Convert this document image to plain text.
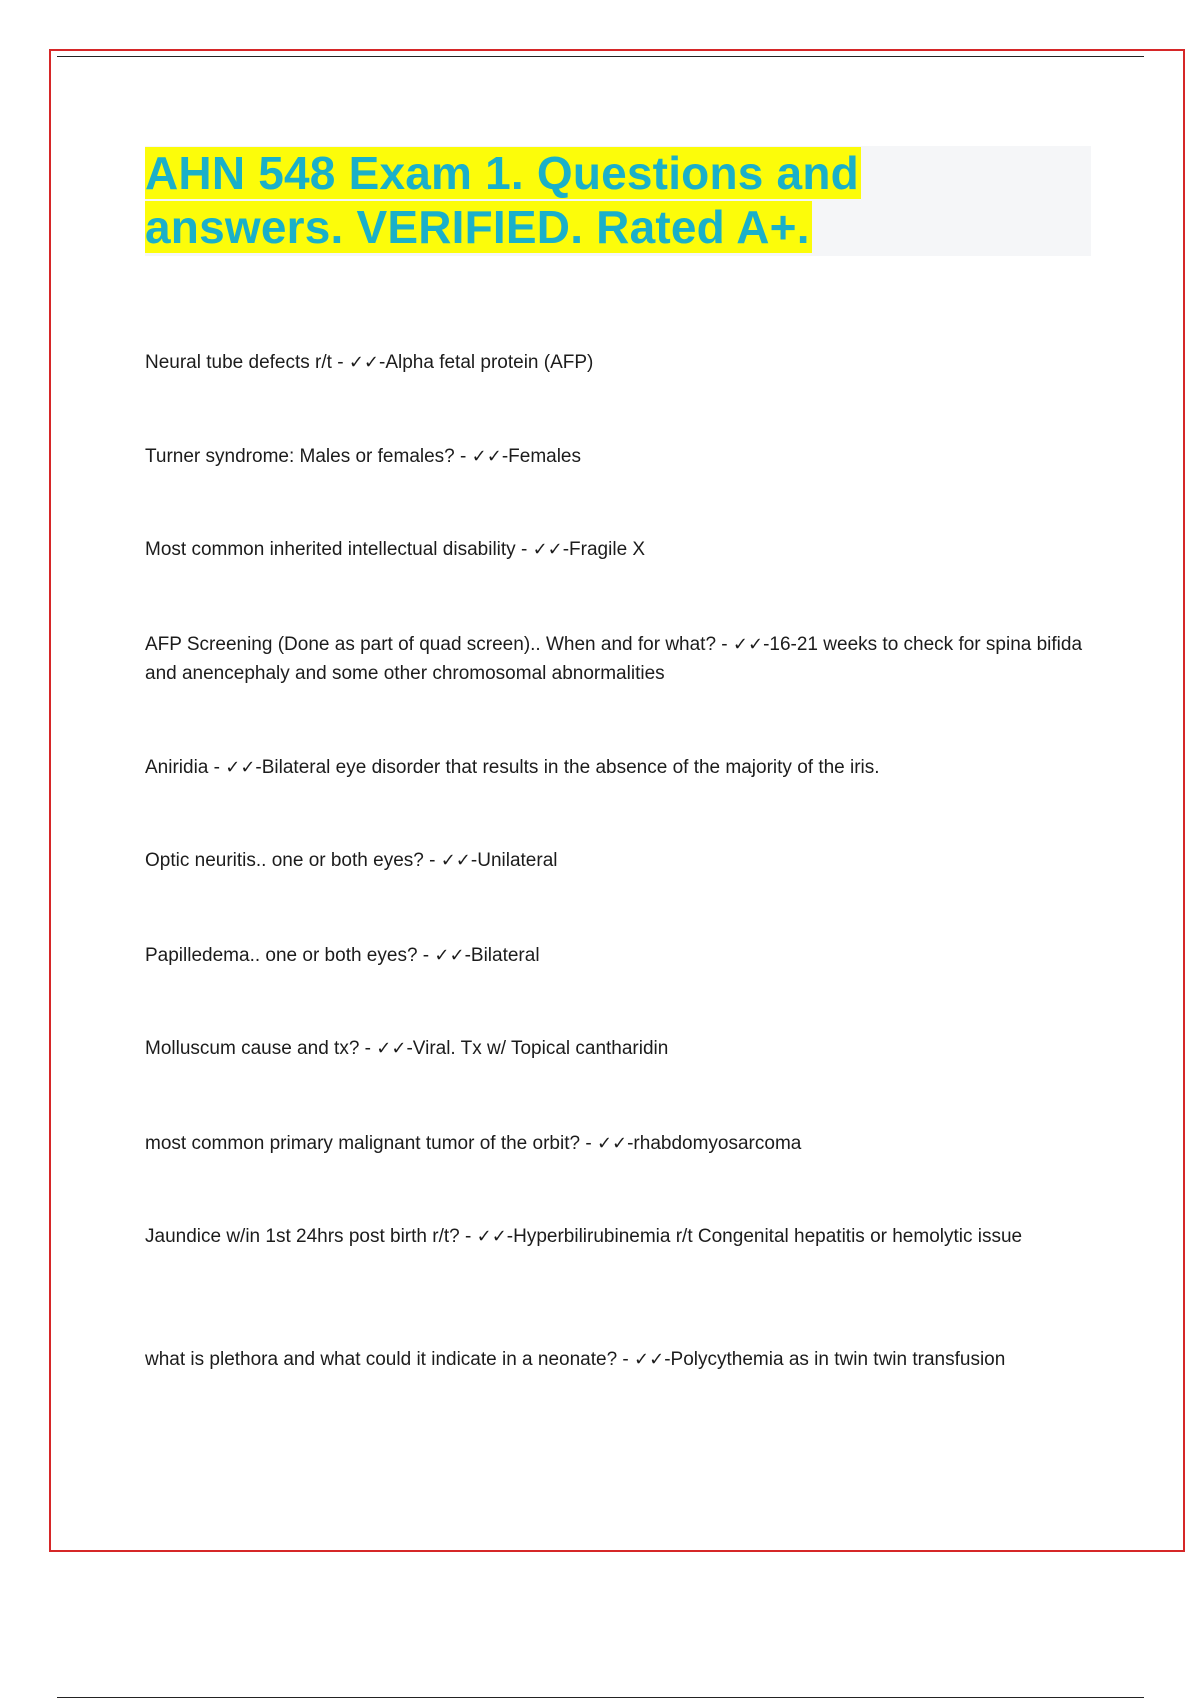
AHN 548 Exam 1. Questions and
answers. VERIFIED. Rated A+.
Neural tube defects r/t - ✓✓-Alpha fetal protein (AFP)
Turner syndrome: Males or females? - ✓✓-Females
Most common inherited intellectual disability - ✓✓-Fragile X
AFP Screening (Done as part of quad screen).. When and for what? - ✓✓-16-21 weeks to check for spina bifida and anencephaly and some other chromosomal abnormalities
Aniridia - ✓✓-Bilateral eye disorder that results in the absence of the majority of the iris.
Optic neuritis.. one or both eyes? - ✓✓-Unilateral
Papilledema.. one or both eyes? - ✓✓-Bilateral
Molluscum cause and tx? - ✓✓-Viral. Tx w/ Topical cantharidin
most common primary malignant tumor of the orbit? - ✓✓-rhabdomyosarcoma
Jaundice w/in 1st 24hrs post birth r/t? - ✓✓-Hyperbilirubinemia r/t Congenital hepatitis or hemolytic issue
what is plethora and what could it indicate in a neonate? - ✓✓-Polycythemia as in twin twin transfusion
